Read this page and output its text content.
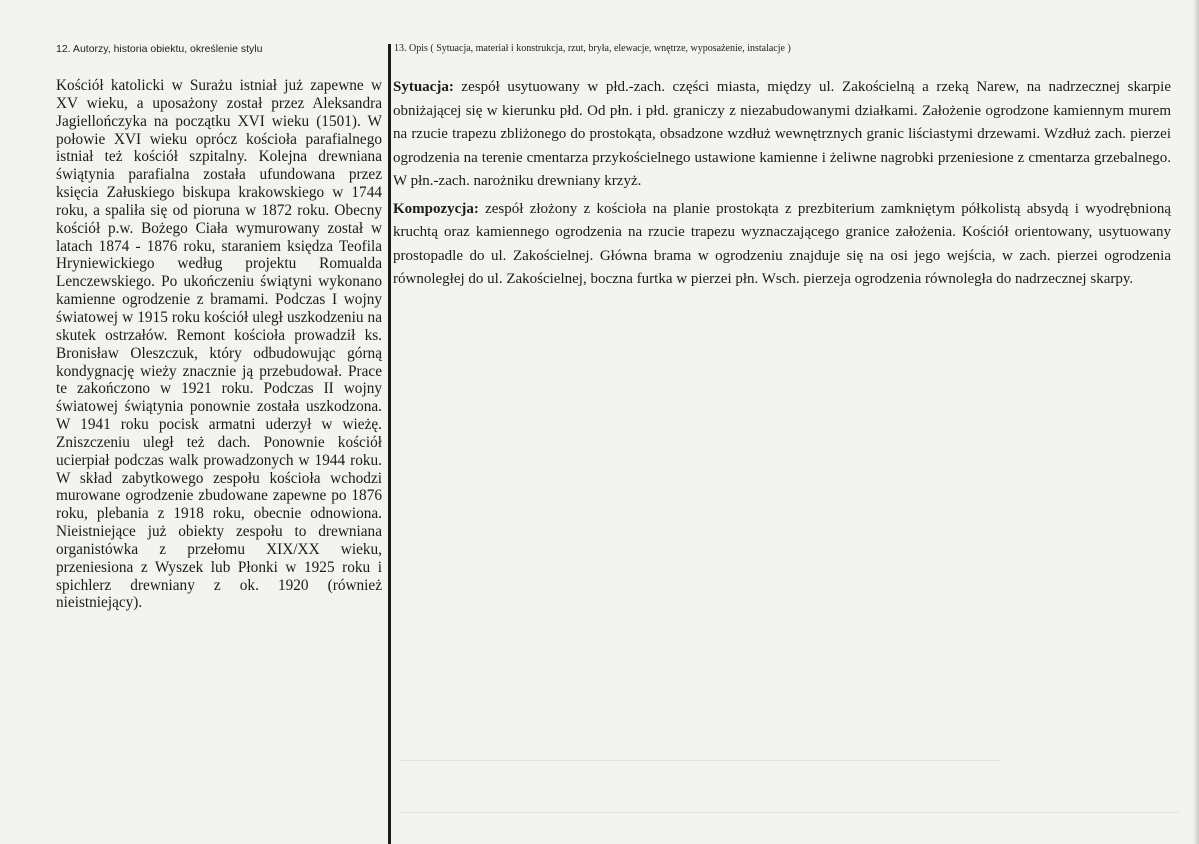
12. Autorzy, historia obiektu, określenie stylu	13. Opis ( Sytuacja, materiał i konstrukcja, rzut, bryła, elewacje, wnętrze, wyposażenie, instalacje )
Kościół katolicki w Surażu istniał już zapewne w XV wieku, a uposażony został przez Aleksandra Jagiellończyka na początku XVI wieku (1501). W połowie XVI wieku oprócz kościoła parafialnego istniał też kościół szpitalny. Kolejna drewniana świątynia parafialna została ufundowana przez księcia Załuskiego biskupa krakowskiego w 1744 roku, a spaliła się od pioruna w 1872 roku. Obecny kościół p.w. Bożego Ciała wymurowany został w latach 1874 - 1876 roku, staraniem księdza Teofila Hryniewickiego według projektu Romualda Lenczewskiego. Po ukończeniu świątyni wykonano kamienne ogrodzenie z bramami. Podczas I wojny światowej w 1915 roku kościół uległ uszkodzeniu na skutek ostrzałów. Remont kościoła prowadził ks. Bronisław Oleszczuk, który odbudowując górną kondygnację wieży znacznie ją przebudował. Prace te zakończono w 1921 roku. Podczas II wojny światowej świątynia ponownie została uszkodzona. W 1941 roku pocisk armatni uderzył w wieżę. Zniszczeniu uległ też dach. Ponownie kościół ucierpiał podczas walk prowadzonych w 1944 roku. W skład zabytkowego zespołu kościoła wchodzi murowane ogrodzenie zbudowane zapewne po 1876 roku, plebania z 1918 roku, obecnie odnowiona. Nieistniejące już obiekty zespołu to drewniana organistówka z przełomu XIX/XX wieku, przeniesiona z Wyszek lub Płonki w 1925 roku i spichlerz drewniany z ok. 1920 (również nieistniejący).

Sytuacja: zespół usytuowany w płd.-zach. części miasta, między ul. Zakościelną a rzeką Narew, na nadrzecznej skarpie obniżającej się w kierunku płd. Od płn. i płd. graniczy z niezabudowanymi działkami. Założenie ogrodzone kamiennym murem na rzucie trapezu zbliżonego do prostokąta, obsadzone wzdłuż wewnętrznych granic liściastymi drzewami. Wzdłuż zach. pierzei ogrodzenia na terenie cmentarza przykościelnego ustawione kamienne i żeliwne nagrobki przeniesione z cmentarza grzebalnego. W płn.-zach. narożniku drewniany krzyż.

Kompozycja: zespół złożony z kościoła na planie prostokąta z prezbiterium zamkniętym półkolistą absydą i wyodrębnioną kruchtą oraz kamiennego ogrodzenia na rzucie trapezu wyznaczającego granice założenia. Kościół orientowany, usytuowany prostopadle do ul. Zakościelnej. Główna brama w ogrodzeniu znajduje się na osi jego wejścia, w zach. pierzei ogrodzenia równoległej do ul. Zakościelnej, boczna furtka w pierzei płn. Wsch. pierzeja ogrodzenia równoległa do nadrzecznej skarpy.
